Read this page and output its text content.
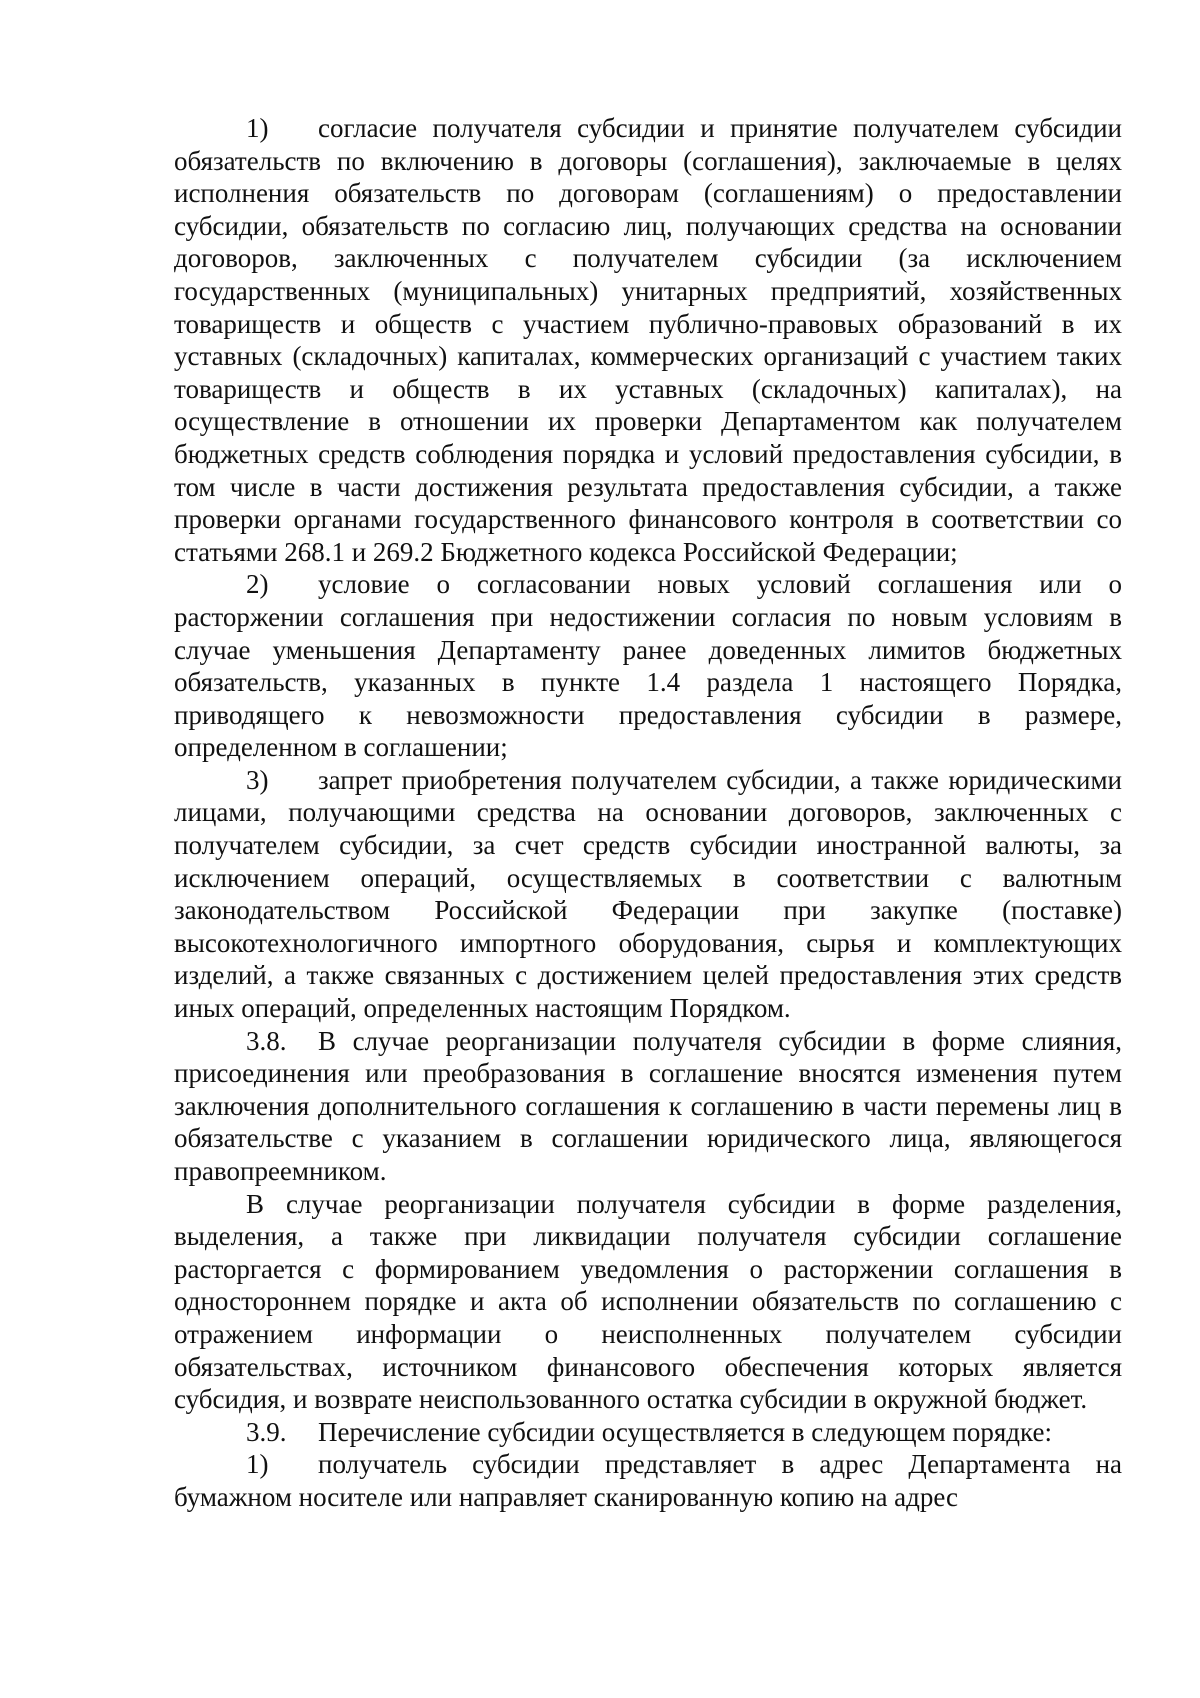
1) согласие получателя субсидии и принятие получателем субсидии обязательств по включению в договоры (соглашения), заключаемые в целях исполнения обязательств по договорам (соглашениям) о предоставлении субсидии, обязательств по согласию лиц, получающих средства на основании договоров, заключенных с получателем субсидии (за исключением государственных (муниципальных) унитарных предприятий, хозяйственных товариществ и обществ с участием публично-правовых образований в их уставных (складочных) капиталах, коммерческих организаций с участием таких товариществ и обществ в их уставных (складочных) капиталах), на осуществление в отношении их проверки Департаментом как получателем бюджетных средств соблюдения порядка и условий предоставления субсидии, в том числе в части достижения результата предоставления субсидии, а также проверки органами государственного финансового контроля в соответствии со статьями 268.1 и 269.2 Бюджетного кодекса Российской Федерации;

2) условие о согласовании новых условий соглашения или о расторжении соглашения при недостижении согласия по новым условиям в случае уменьшения Департаменту ранее доведенных лимитов бюджетных обязательств, указанных в пункте 1.4 раздела 1 настоящего Порядка, приводящего к невозможности предоставления субсидии в размере, определенном в соглашении;

3) запрет приобретения получателем субсидии, а также юридическими лицами, получающими средства на основании договоров, заключенных с получателем субсидии, за счет средств субсидии иностранной валюты, за исключением операций, осуществляемых в соответствии с валютным законодательством Российской Федерации при закупке (поставке) высокотехнологичного импортного оборудования, сырья и комплектующих изделий, а также связанных с достижением целей предоставления этих средств иных операций, определенных настоящим Порядком.

3.8. В случае реорганизации получателя субсидии в форме слияния, присоединения или преобразования в соглашение вносятся изменения путем заключения дополнительного соглашения к соглашению в части перемены лиц в обязательстве с указанием в соглашении юридического лица, являющегося правопреемником.

В случае реорганизации получателя субсидии в форме разделения, выделения, а также при ликвидации получателя субсидии соглашение расторгается с формированием уведомления о расторжении соглашения в одностороннем порядке и акта об исполнении обязательств по соглашению с отражением информации о неисполненных получателем субсидии обязательствах, источником финансового обеспечения которых является субсидия, и возврате неиспользованного остатка субсидии в окружной бюджет.

3.9. Перечисление субсидии осуществляется в следующем порядке:

1) получатель субсидии представляет в адрес Департамента на бумажном носителе или направляет сканированную копию на адрес
